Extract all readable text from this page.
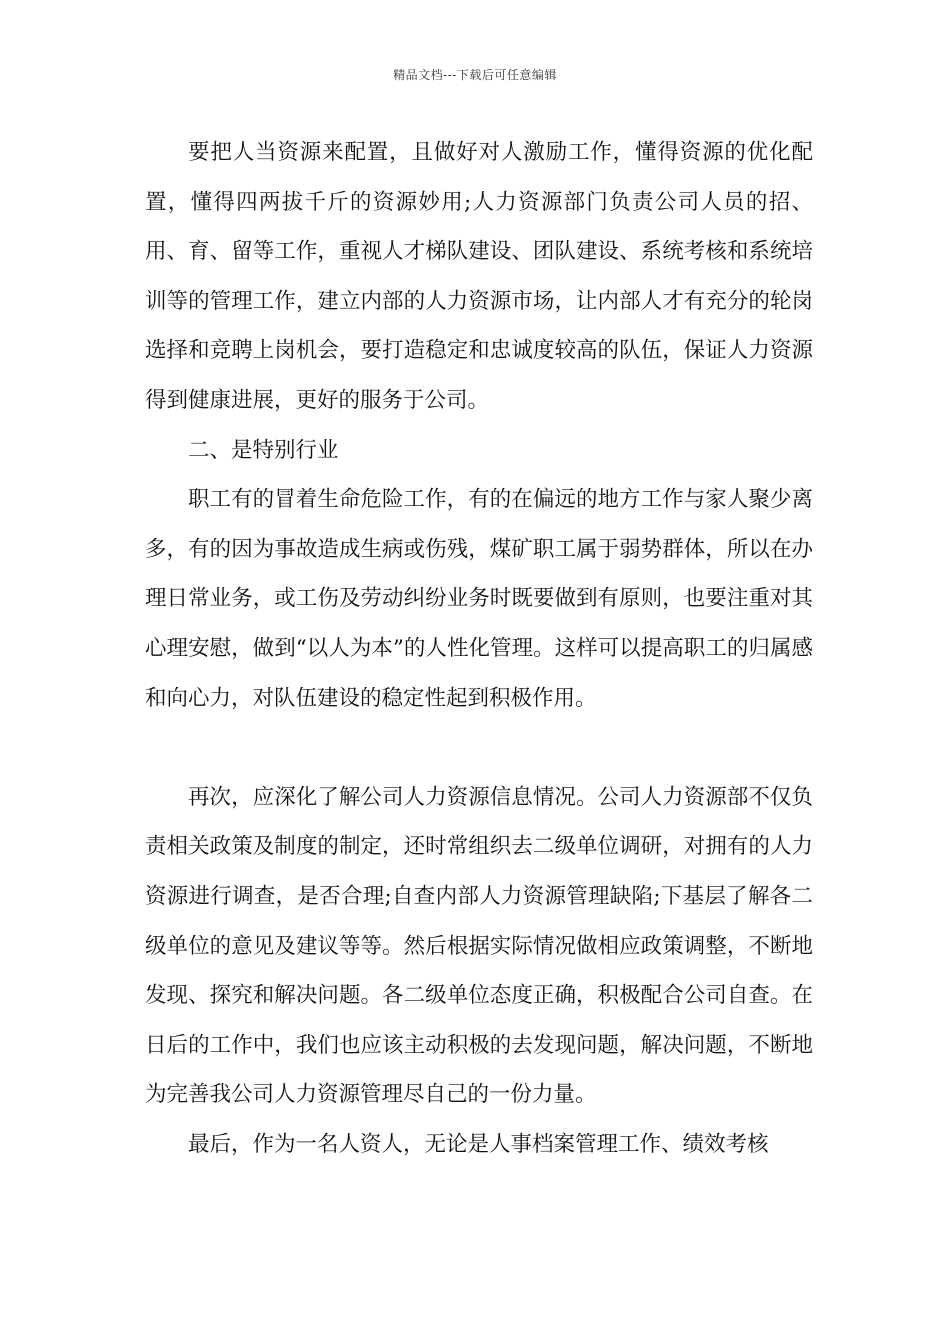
精品文档---下载后可任意编辑

要把人当资源来配置，且做好对人激励工作，懂得资源的优化配置，懂得四两拔千斤的资源妙用;人力资源部门负责公司人员的招、用、育、留等工作，重视人才梯队建设、团队建设、系统考核和系统培训等的管理工作，建立内部的人力资源市场，让内部人才有充分的轮岗选择和竞聘上岗机会，要打造稳定和忠诚度较高的队伍，保证人力资源得到健康进展，更好的服务于公司。

二、是特别行业

职工有的冒着生命危险工作，有的在偏远的地方工作与家人聚少离多，有的因为事故造成生病或伤残，煤矿职工属于弱势群体，所以在办理日常业务，或工伤及劳动纠纷业务时既要做到有原则，也要注重对其心理安慰，做到“以人为本”的人性化管理。这样可以提高职工的归属感和向心力，对队伍建设的稳定性起到积极作用。

再次，应深化了解公司人力资源信息情况。公司人力资源部不仅负责相关政策及制度的制定，还时常组织去二级单位调研，对拥有的人力资源进行调查，是否合理;自查内部人力资源管理缺陷;下基层了解各二级单位的意见及建议等等。然后根据实际情况做相应政策调整，不断地发现、探究和解决问题。各二级单位态度正确，积极配合公司自查。在日后的工作中，我们也应该主动积极的去发现问题，解决问题，不断地为完善我公司人力资源管理尽自己的一份力量。

最后，作为一名人资人，无论是人事档案管理工作、绩效考核
